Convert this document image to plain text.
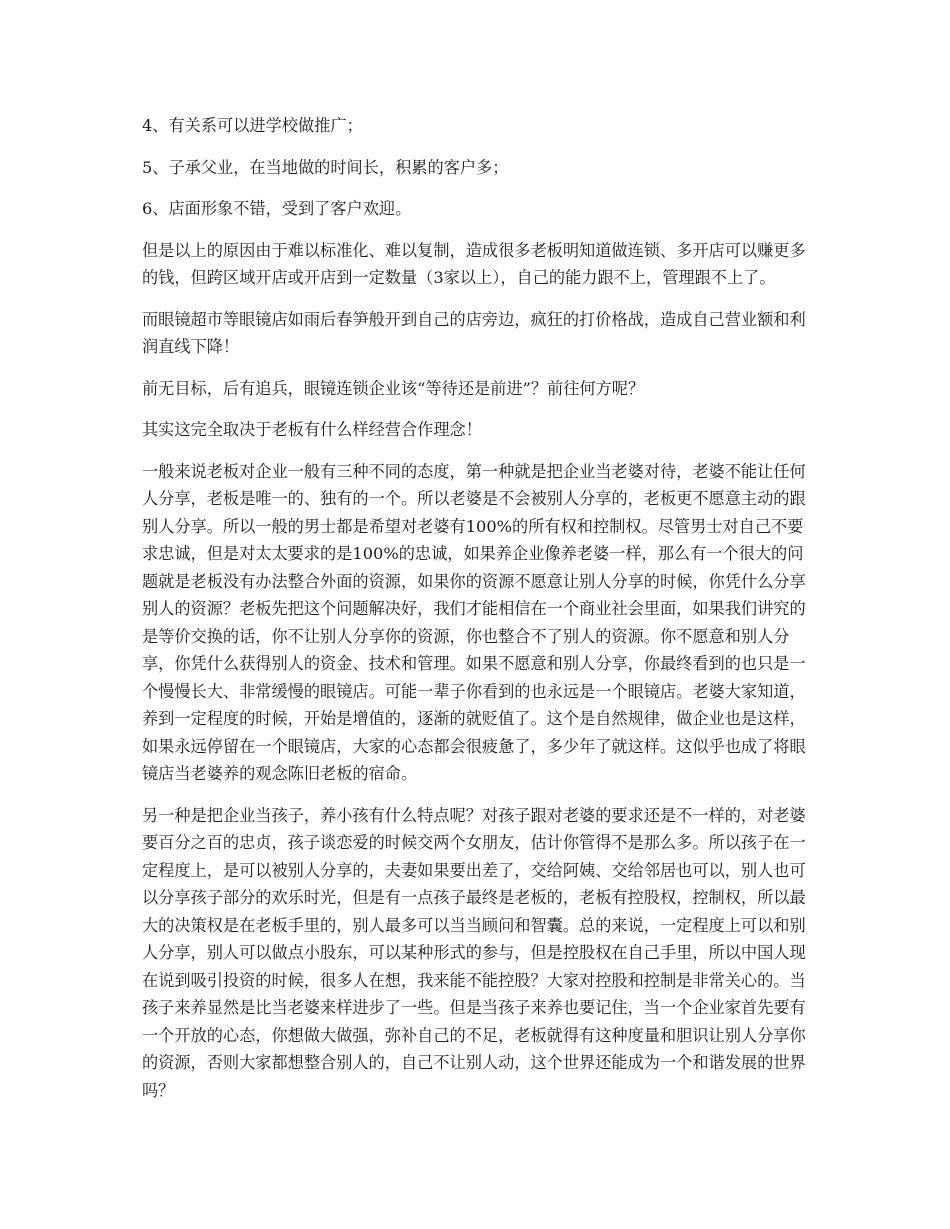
4、有关系可以进学校做推广；

5、子承父业，在当地做的时间长，积累的客户多；

6、店面形象不错，受到了客户欢迎。

但是以上的原因由于难以标准化、难以复制，造成很多老板明知道做连锁、多开店可以赚更多的钱，但跨区域开店或开店到一定数量（3家以上），自己的能力跟不上，管理跟不上了。

而眼镜超市等眼镜店如雨后春笋般开到自己的店旁边，疯狂的打价格战，造成自己营业额和利润直线下降！

前无目标，后有追兵，眼镜连锁企业该“等待还是前进”？前往何方呢？

其实这完全取决于老板有什么样经营合作理念！

一般来说老板对企业一般有三种不同的态度，第一种就是把企业当老婆对待，老婆不能让任何人分享，老板是唯一的、独有的一个。所以老婆是不会被别人分享的，老板更不愿意主动的跟别人分享。所以一般的男士都是希望对老婆有100%的所有权和控制权。尽管男士对自己不要求忠诚，但是对太太要求的是100%的忠诚，如果养企业像养老婆一样，那么有一个很大的问题就是老板没有办法整合外面的资源，如果你的资源不愿意让别人分享的时候，你凭什么分享别人的资源？老板先把这个问题解决好，我们才能相信在一个商业社会里面，如果我们讲究的是等价交换的话，你不让别人分享你的资源，你也整合不了别人的资源。你不愿意和别人分享，你凭什么获得别人的资金、技术和管理。如果不愿意和别人分享，你最终看到的也只是一个慢慢长大、非常缓慢的眼镜店。可能一辈子你看到的也永远是一个眼镜店。老婆大家知道，养到一定程度的时候，开始是增值的，逐渐的就贬值了。这个是自然规律，做企业也是这样，如果永远停留在一个眼镜店，大家的心态都会很疲惫了，多少年了就这样。这似乎也成了将眼镜店当老婆养的观念陈旧老板的宿命。

另一种是把企业当孩子，养小孩有什么特点呢？对孩子跟对老婆的要求还是不一样的，对老婆要百分之百的忠贞，孩子谈恋爱的时候交两个女朋友，估计你管得不是那么多。所以孩子在一定程度上，是可以被别人分享的，夫妻如果要出差了，交给阿姨、交给邻居也可以，别人也可以分享孩子部分的欢乐时光，但是有一点孩子最终是老板的，老板有控股权，控制权，所以最大的决策权是在老板手里的，别人最多可以当当顾问和智囊。总的来说，一定程度上可以和别人分享，别人可以做点小股东，可以某种形式的参与，但是控股权在自己手里，所以中国人现在说到吸引投资的时候，很多人在想，我来能不能控股？大家对控股和控制是非常关心的。当孩子来养显然是比当老婆来样进步了一些。但是当孩子来养也要记住，当一个企业家首先要有一个开放的心态，你想做大做强，弥补自己的不足，老板就得有这种度量和胆识让别人分享你的资源，否则大家都想整合别人的，自己不让别人动，这个世界还能成为一个和谐发展的世界吗？
